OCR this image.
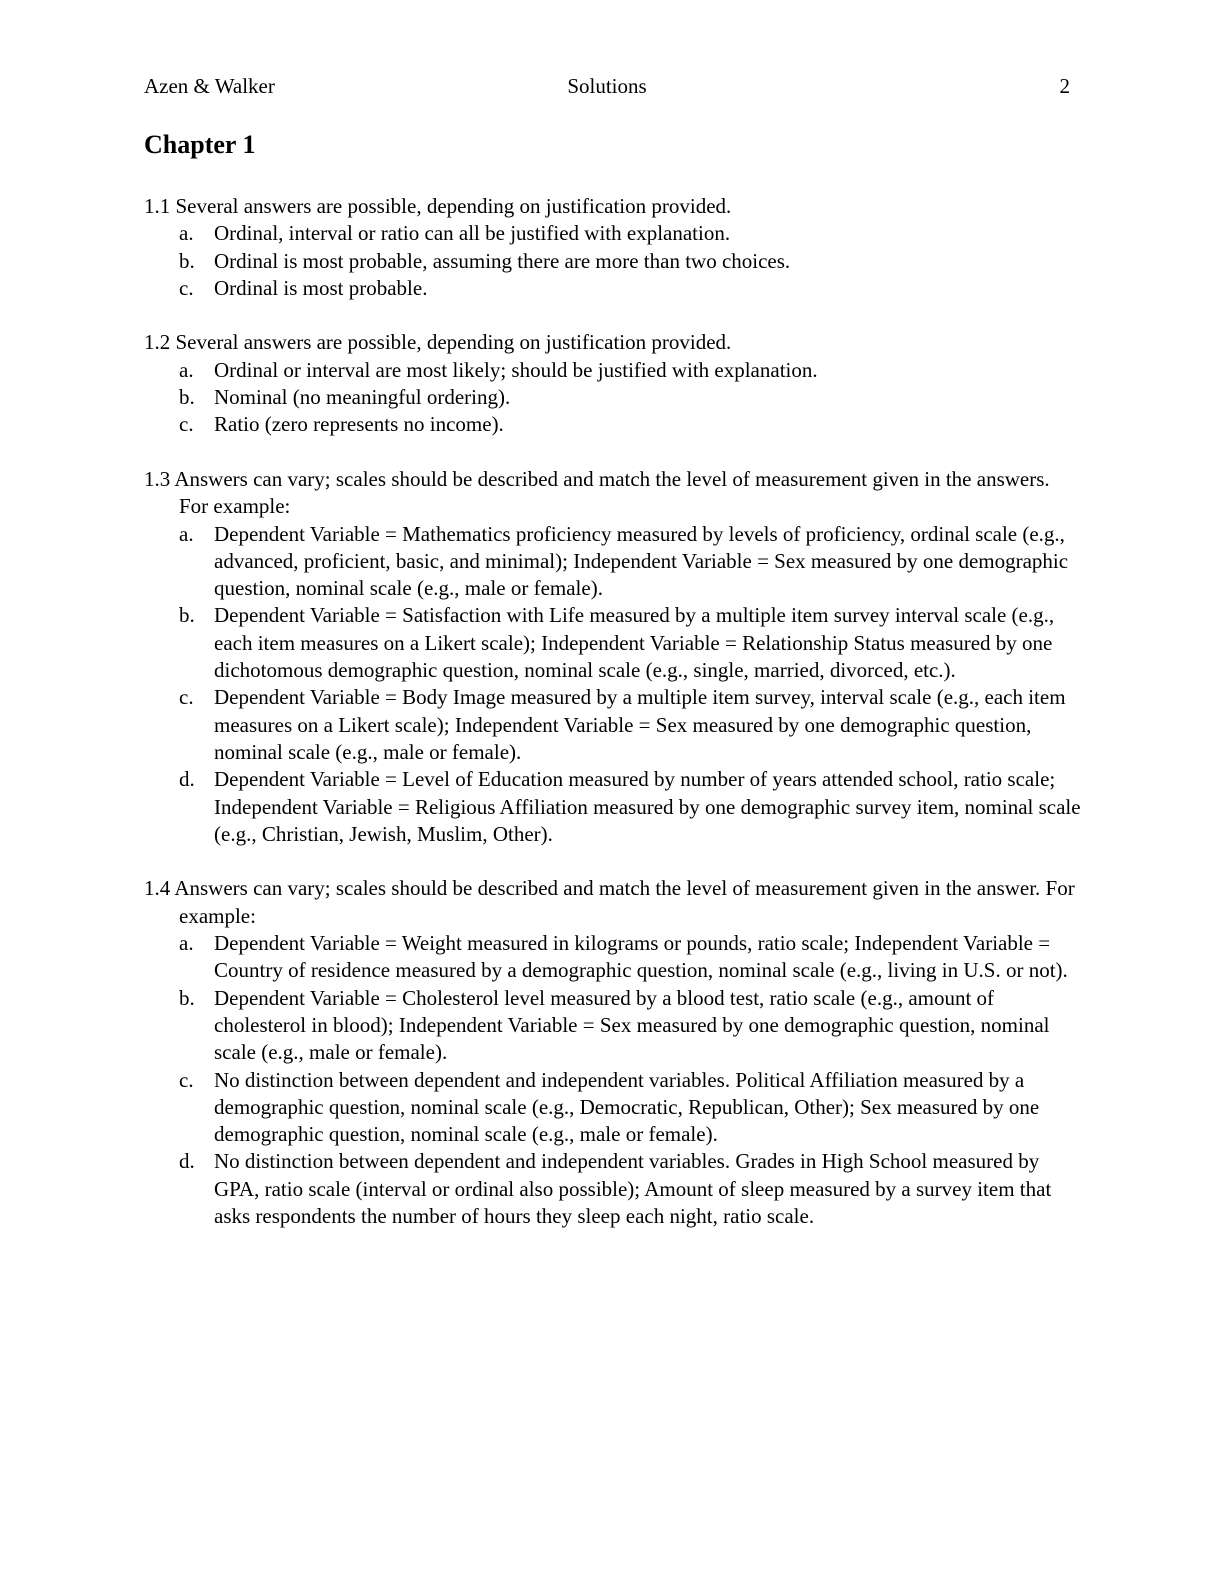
Azen & Walker	Solutions	2
Chapter 1

1.1 Several answers are possible, depending on justification provided.

a. Ordinal, interval or ratio can all be justified with explanation.
b. Ordinal is most probable, assuming there are more than two choices.
c. Ordinal is most probable.

1.2 Several answers are possible, depending on justification provided.

a. Ordinal or interval are most likely; should be justified with explanation.
b. Nominal (no meaningful ordering).
c. Ratio (zero represents no income).

1.3 Answers can vary; scales should be described and match the level of measurement given in the answers. For example:

a. Dependent Variable = Mathematics proficiency measured by levels of proficiency, ordinal scale (e.g., advanced, proficient, basic, and minimal); Independent Variable = Sex measured by one demographic question, nominal scale (e.g., male or female).
b. Dependent Variable = Satisfaction with Life measured by a multiple item survey interval scale (e.g., each item measures on a Likert scale); Independent Variable = Relationship Status measured by one dichotomous demographic question, nominal scale (e.g., single, married, divorced, etc.).
c. Dependent Variable = Body Image measured by a multiple item survey, interval scale (e.g., each item measures on a Likert scale); Independent Variable = Sex measured by one demographic question, nominal scale (e.g., male or female).
d. Dependent Variable = Level of Education measured by number of years attended school, ratio scale; Independent Variable = Religious Affiliation measured by one demographic survey item, nominal scale (e.g., Christian, Jewish, Muslim, Other).

1.4 Answers can vary; scales should be described and match the level of measurement given in the answer. For example:

a. Dependent Variable = Weight measured in kilograms or pounds, ratio scale; Independent Variable = Country of residence measured by a demographic question, nominal scale (e.g., living in U.S. or not).
b. Dependent Variable = Cholesterol level measured by a blood test, ratio scale (e.g., amount of cholesterol in blood); Independent Variable = Sex measured by one demographic question, nominal scale (e.g., male or female).
c. No distinction between dependent and independent variables. Political Affiliation measured by a demographic question, nominal scale (e.g., Democratic, Republican, Other); Sex measured by one demographic question, nominal scale (e.g., male or female).
d. No distinction between dependent and independent variables. Grades in High School measured by GPA, ratio scale (interval or ordinal also possible); Amount of sleep measured by a survey item that asks respondents the number of hours they sleep each night, ratio scale.
